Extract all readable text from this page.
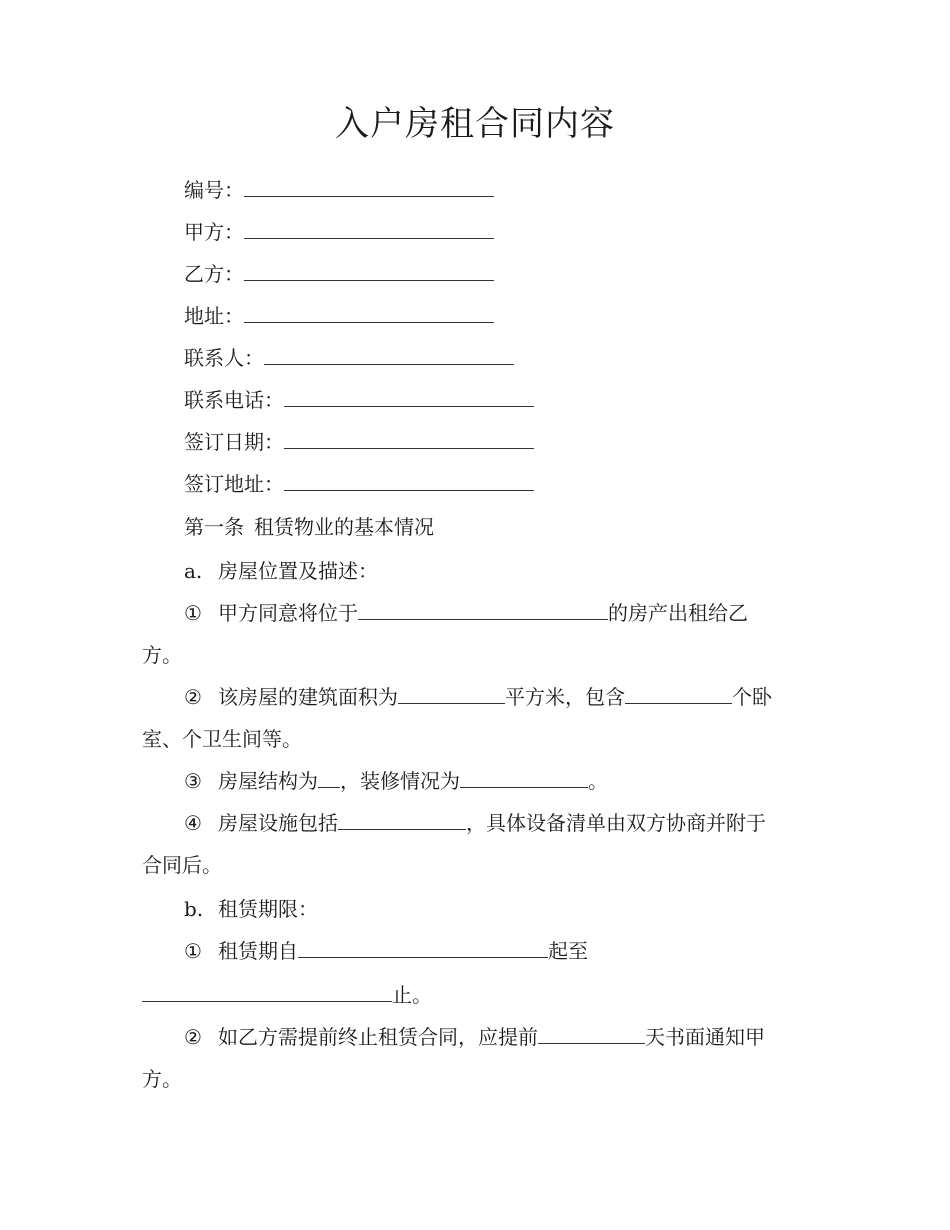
入户房租合同内容
编号：
甲方：
乙方：
地址：
联系人：
联系电话：
签订日期：
签订地址：
第一条 租赁物业的基本情况
a. 房屋位置及描述：
① 甲方同意将位于	的房产出租给乙
方。
② 该房屋的建筑面积为	平方米，包含	个卧
室、个卫生间等。
③ 房屋结构为 ，装修情况为	。
④ 房屋设施包括	，具体设备清单由双方协商并附于
合同后。
b. 租赁期限：
① 租赁期自	起至
止。
② 如乙方需提前终止租赁合同，应提前	天书面通知甲
方。
